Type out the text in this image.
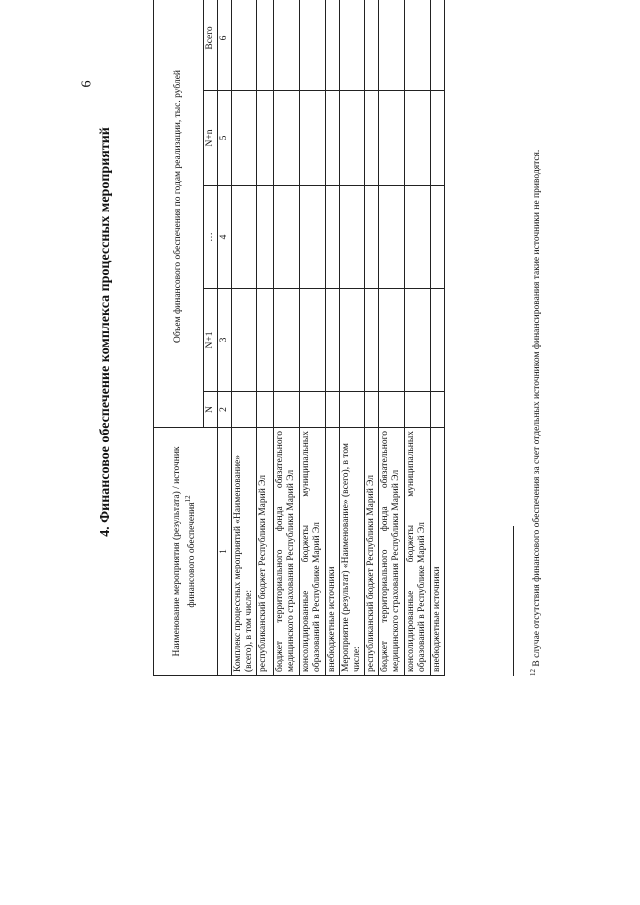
6
4. Финансовое обеспечение комплекса процессных мероприятий
Наименование мероприятия (результата) / источник финансового обеспечения$^{12}$	Объем финансового обеспечения по годам реализации, тыс. рублей				
	N	N+1	…	N+n	Всего
1	2	3	4	5	6
Комплекс процессных мероприятий «Наименование» (всего), в том числе:					
республиканский бюджет Республики Марий Эл					
бюджет территориального фонда обязательного медицинского страхования Республики Марий Эл					
консолидированные бюджеты муниципальных образований в Республике Марий Эл					
внебюджетные источники					
Мероприятие (результат) «Наименование» (всего), в том числе:					
республиканский бюджет Республики Марий Эл					
бюджет территориального фонда обязательного медицинского страхования Республики Марий Эл					
консолидированные бюджеты муниципальных образований в Республике Марий Эл					
внебюджетные источники					
$^{12}$ В случае отсутствия финансового обеспечения за счет отдельных источником финансирования такие источники не приводятся.
